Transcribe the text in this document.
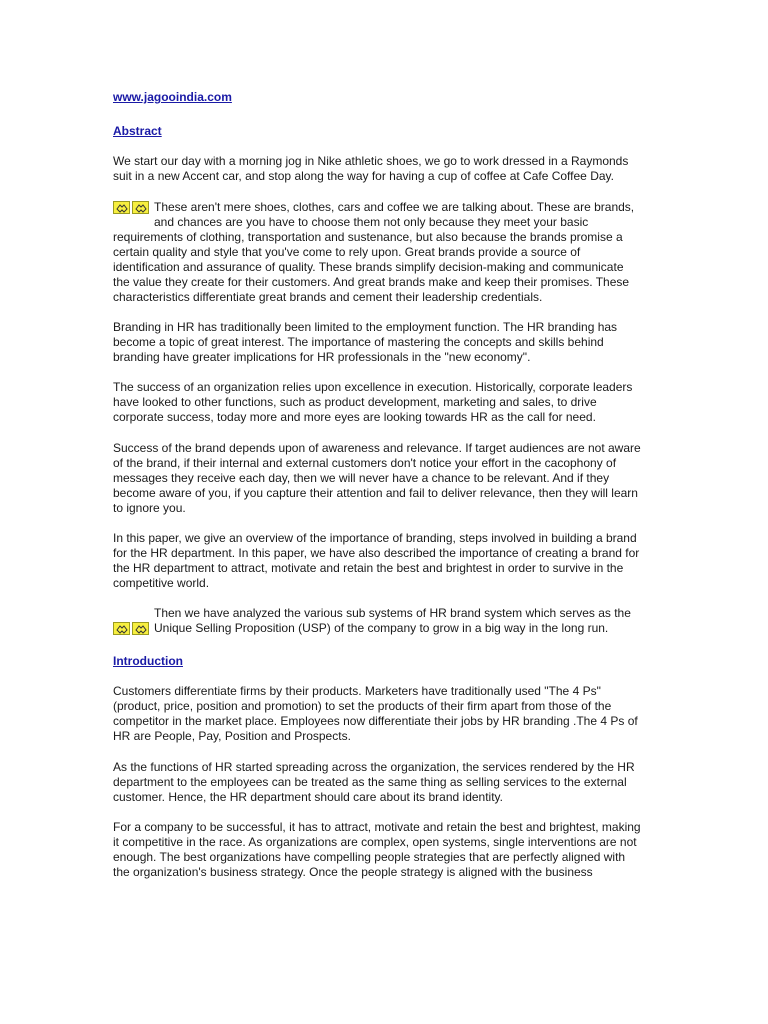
www.jagooindia.com
Abstract
We start our day with a morning jog in Nike athletic shoes, we go to work dressed in a Raymonds
suit in a new Accent car, and stop along the way for having a cup of coffee at Cafe Coffee Day.
These aren't mere shoes, clothes, cars and coffee we are talking about. These are brands,
and chances are you have to choose them not only because they meet your basic
requirements of clothing, transportation and sustenance, but also because the brands promise a
certain quality and style that you've come to rely upon. Great brands provide a source of
identification and assurance of quality. These brands simplify decision-making and communicate
the value they create for their customers. And great brands make and keep their promises. These
characteristics differentiate great brands and cement their leadership credentials.
Branding in HR has traditionally been limited to the employment function. The HR branding has
become a topic of great interest. The importance of mastering the concepts and skills behind
branding have greater implications for HR professionals in the "new economy".
The success of an organization relies upon excellence in execution. Historically, corporate leaders
have looked to other functions, such as product development, marketing and sales, to drive
corporate success, today more and more eyes are looking towards HR as the call for need.
Success of the brand depends upon of awareness and relevance. If target audiences are not aware
of the brand, if their internal and external customers don't notice your effort in the cacophony of
messages they receive each day, then we will never have a chance to be relevant. And if they
become aware of you, if you capture their attention and fail to deliver relevance, then they will learn
to ignore you.
In this paper, we give an overview of the importance of branding, steps involved in building a brand
for the HR department. In this paper, we have also described the importance of creating a brand for
the HR department to attract, motivate and retain the best and brightest in order to survive in the
competitive world.
Then we have analyzed the various sub systems of HR brand system which serves as the
Unique Selling Proposition (USP) of the company to grow in a big way in the long run.
Introduction
Customers differentiate firms by their products. Marketers have traditionally used "The 4 Ps"
(product, price, position and promotion) to set the products of their firm apart from those of the
competitor in the market place. Employees now differentiate their jobs by HR branding .The 4 Ps of
HR are People, Pay, Position and Prospects.
As the functions of HR started spreading across the organization, the services rendered by the HR
department to the employees can be treated as the same thing as selling services to the external
customer. Hence, the HR department should care about its brand identity.
For a company to be successful, it has to attract, motivate and retain the best and brightest, making
it competitive in the race. As organizations are complex, open systems, single interventions are not
enough. The best organizations have compelling people strategies that are perfectly aligned with
the organization's business strategy. Once the people strategy is aligned with the business
